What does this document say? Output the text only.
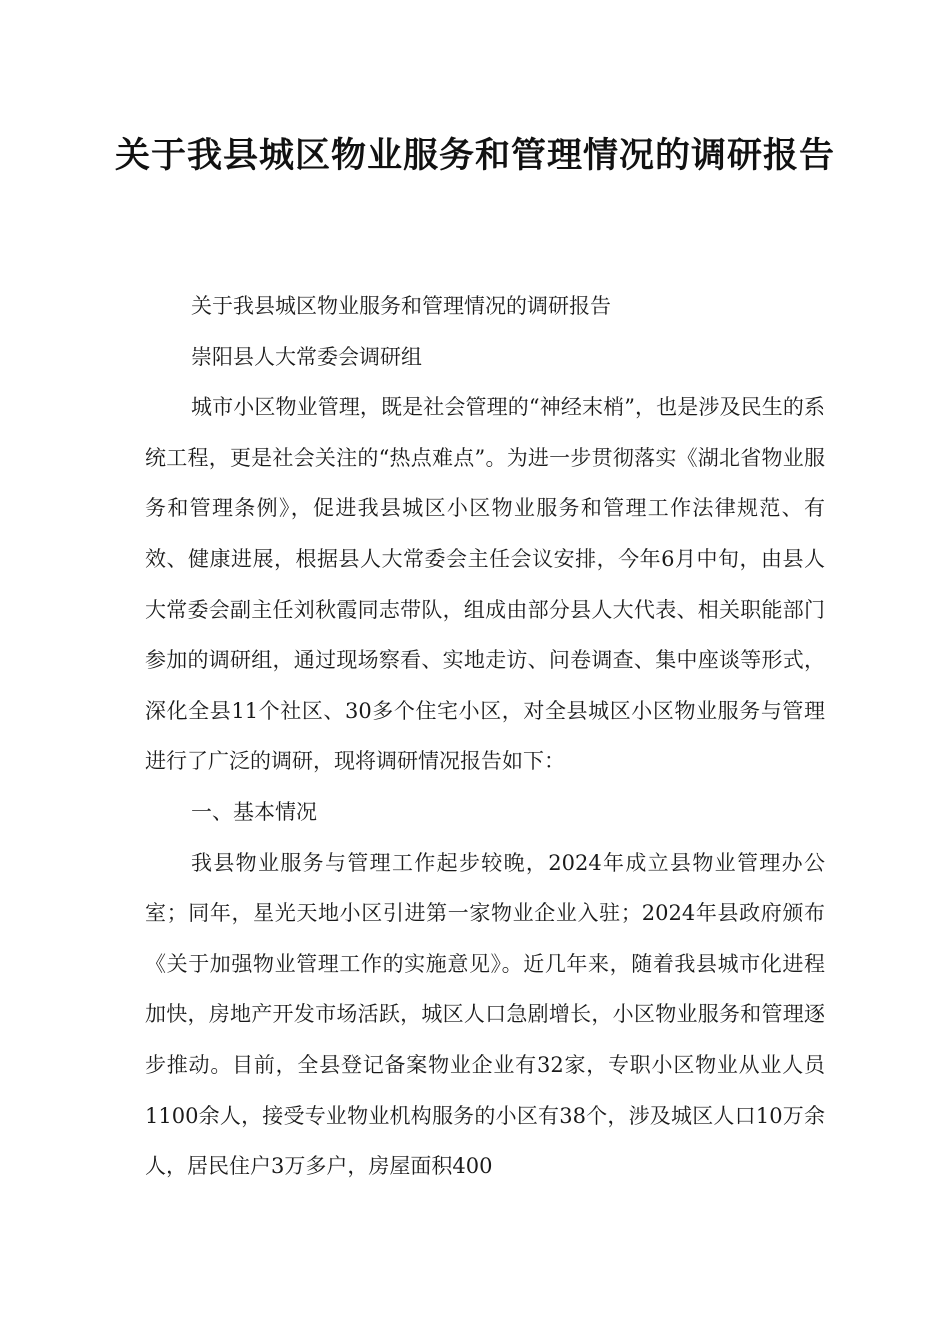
关于我县城区物业服务和管理情况的调研报告

关于我县城区物业服务和管理情况的调研报告

崇阳县人大常委会调研组

城市小区物业管理，既是社会管理的“神经末梢”，也是涉及民生的系统工程，更是社会关注的“热点难点”。为进一步贯彻落实《湖北省物业服务和管理条例》，促进我县城区小区物业服务和管理工作法律规范、有效、健康进展，根据县人大常委会主任会议安排，今年6月中旬，由县人大常委会副主任刘秋霞同志带队，组成由部分县人大代表、相关职能部门参加的调研组，通过现场察看、实地走访、问卷调查、集中座谈等形式，深化全县11个社区、30多个住宅小区，对全县城区小区物业服务与管理进行了广泛的调研，现将调研情况报告如下：

一、基本情况

我县物业服务与管理工作起步较晚，2024年成立县物业管理办公室；同年，星光天地小区引进第一家物业企业入驻；2024年县政府颁布《关于加强物业管理工作的实施意见》。近几年来，随着我县城市化进程加快，房地产开发市场活跃，城区人口急剧增长，小区物业服务和管理逐步推动。目前，全县登记备案物业企业有32家，专职小区物业从业人员1100余人，接受专业物业机构服务的小区有38个，涉及城区人口10万余人，居民住户3万多户，房屋面积400
